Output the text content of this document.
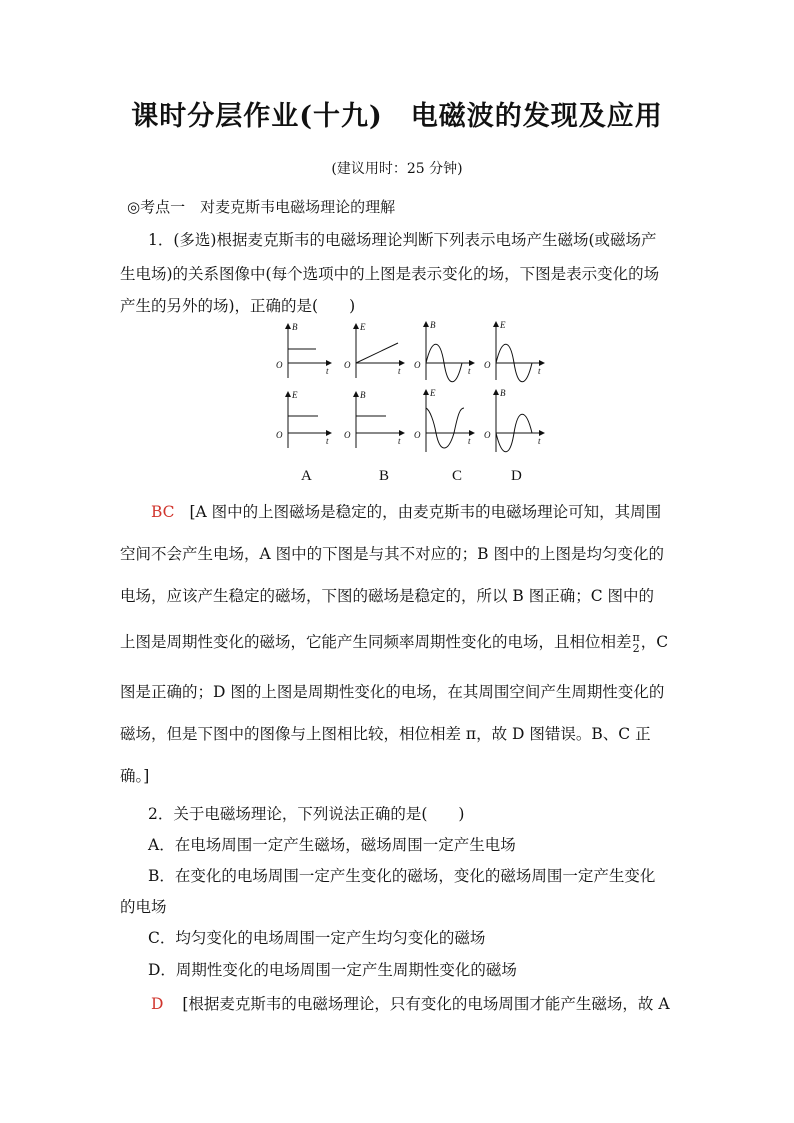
课时分层作业(十九)　电磁波的发现及应用
(建议用时：25 分钟)
◎考点一　对麦克斯韦电磁场理论的理解
1．(多选)根据麦克斯韦的电磁场理论判断下列表示电场产生磁场(或磁场产
生电场)的关系图像中(每个选项中的上图是表示变化的场，下图是表示变化的场
产生的另外的场)，正确的是(　　)
B
O
t
E
O
t
B
O
t
E
O
t
E
O
t
B
O
t
E
O
t
B
O
t
A	B	C	D
BC [A 图中的上图磁场是稳定的，由麦克斯韦的电磁场理论可知，其周围
空间不会产生电场，A 图中的下图是与其不对应的；B 图中的上图是均匀变化的
电场，应该产生稳定的磁场，下图的磁场是稳定的，所以 B 图正确；C 图中的
上图是周期性变化的磁场，它能产生同频率周期性变化的电场，且相位相差 π
2 ，C
图是正确的；D 图的上图是周期性变化的电场，在其周围空间产生周期性变化的
磁场，但是下图中的图像与上图相比较，相位相差 π，故 D 图错误。B、C 正
确。]
2．关于电磁场理论，下列说法正确的是(　　)
A．在电场周围一定产生磁场，磁场周围一定产生电场
B．在变化的电场周围一定产生变化的磁场，变化的磁场周围一定产生变化
的电场
C．均匀变化的电场周围一定产生均匀变化的磁场
D．周期性变化的电场周围一定产生周期性变化的磁场
D [根据麦克斯韦的电磁场理论，只有变化的电场周围才能产生磁场，故 A
